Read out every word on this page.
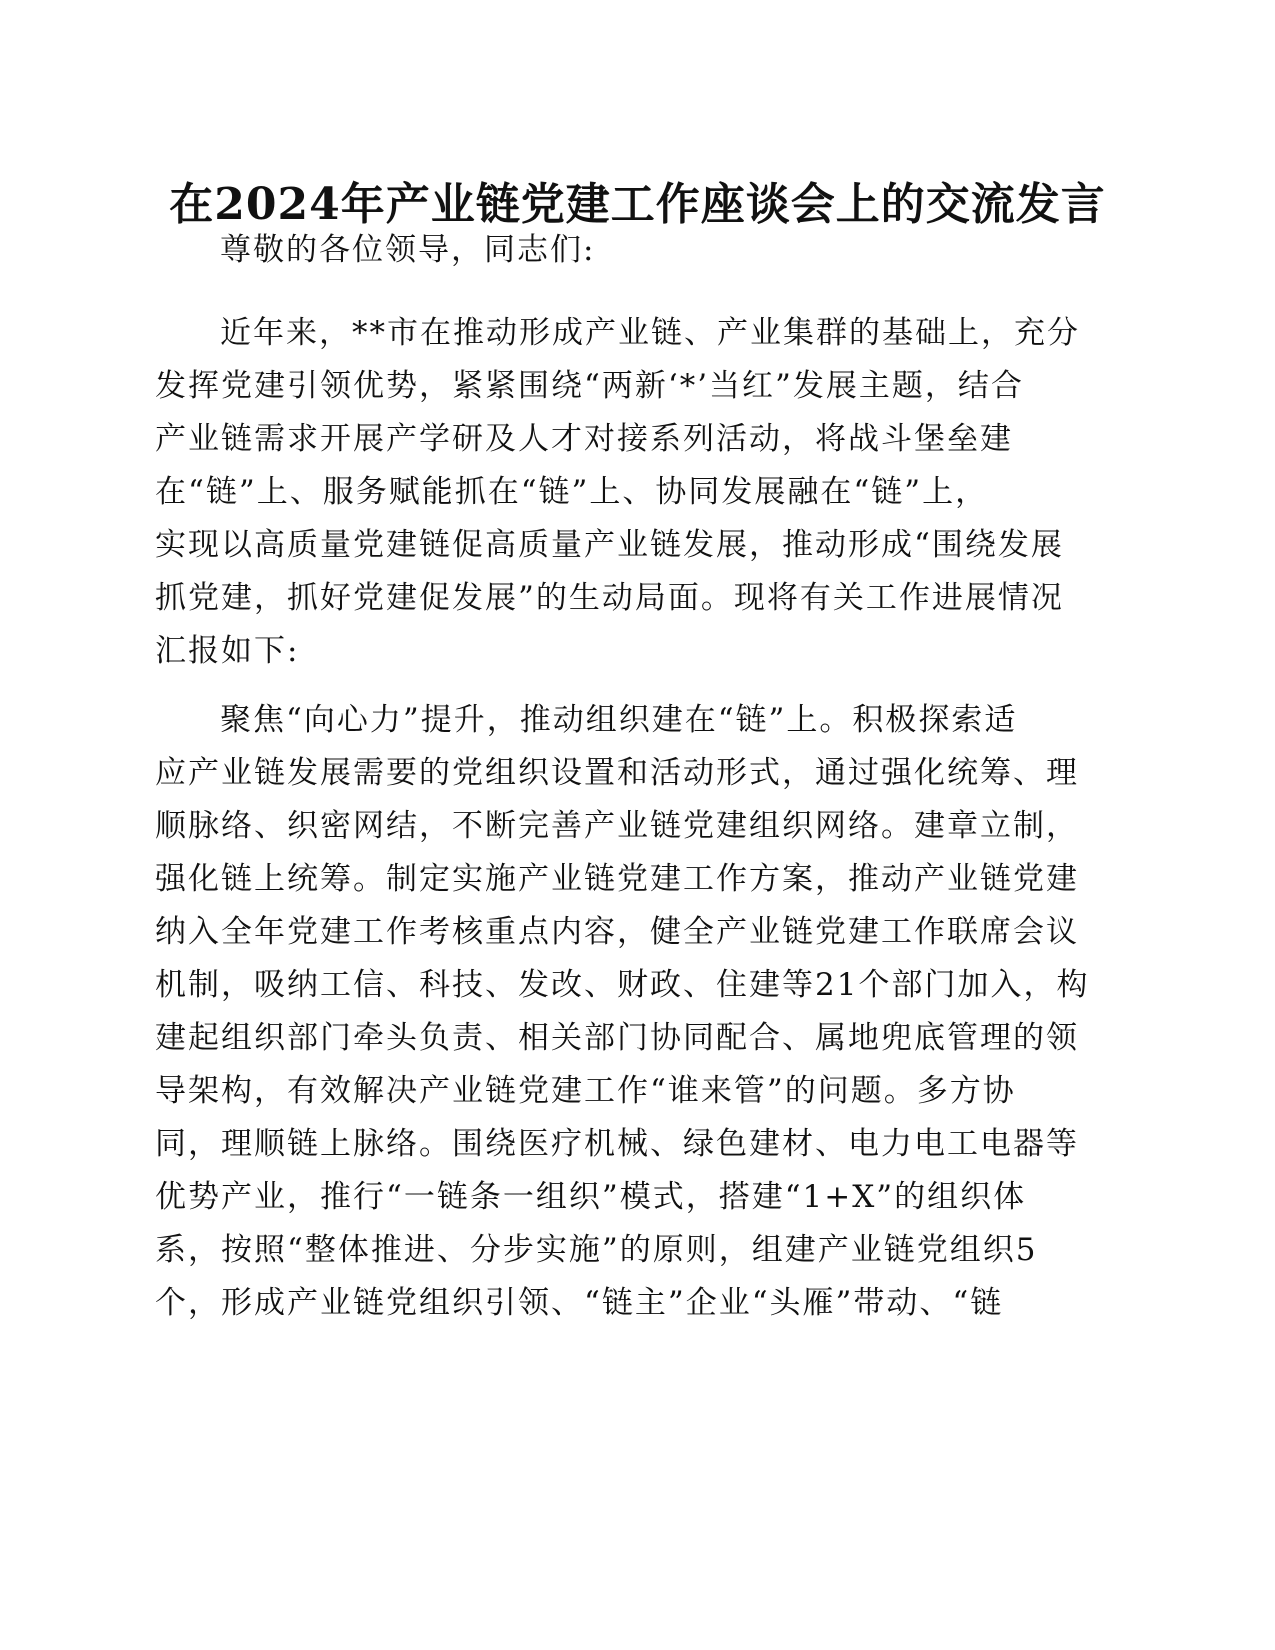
在2024年产业链党建工作座谈会上的交流发言
尊敬的各位领导，同志们:
近年来，**市在推动形成产业链、产业集群的基础上，充分
发挥党建引领优势，紧紧围绕“两新‘*’当红”发展主题，结合
产业链需求开展产学研及人才对接系列活动，将战斗堡垒建
在“链”上、服务赋能抓在“链”上、协同发展融在“链”上，
实现以高质量党建链促高质量产业链发展，推动形成“围绕发展
抓党建，抓好党建促发展”的生动局面。现将有关工作进展情况
汇报如下:
聚焦“向心力”提升，推动组织建在“链”上。积极探索适
应产业链发展需要的党组织设置和活动形式，通过强化统筹、理
顺脉络、织密网结，不断完善产业链党建组织网络。建章立制，
强化链上统筹。制定实施产业链党建工作方案，推动产业链党建
纳入全年党建工作考核重点内容，健全产业链党建工作联席会议
机制，吸纳工信、科技、发改、财政、住建等21个部门加入，构
建起组织部门牵头负责、相关部门协同配合、属地兜底管理的领
导架构，有效解决产业链党建工作“谁来管”的问题。多方协
同，理顺链上脉络。围绕医疗机械、绿色建材、电力电工电器等
优势产业，推行“一链条一组织”模式，搭建“1+X”的组织体
系，按照“整体推进、分步实施”的原则，组建产业链党组织5
个，形成产业链党组织引领、“链主”企业“头雁”带动、“链
